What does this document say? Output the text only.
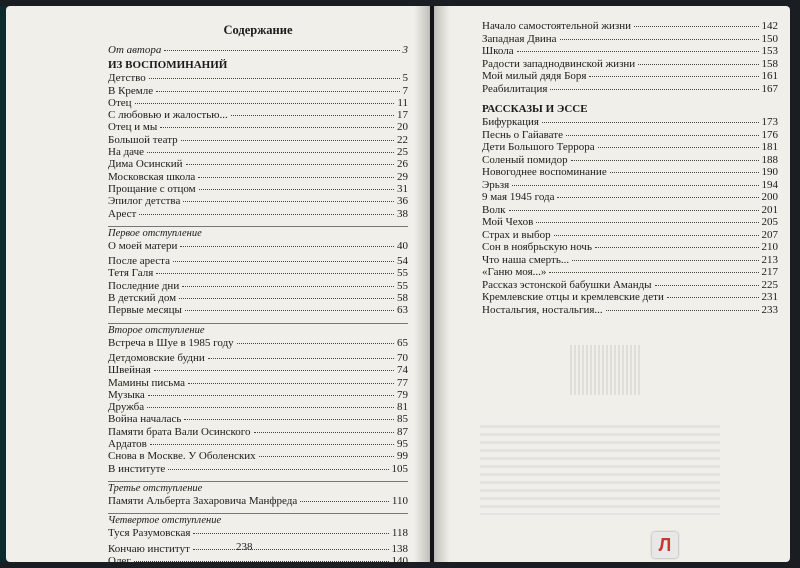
Содержание
От автора	3
ИЗ ВОСПОМИНАНИЙ
Детство	5
В Кремле	7
Отец	11
С любовью и жалостью...	17
Отец и мы	20
Большой театр	22
На даче	25
Дима Осинский	26
Московская школа	29
Прощание с отцом	31
Эпилог детства	36
Арест	38
Первое отступление
О моей матери	40
После ареста	54
Тетя Галя	55
Последние дни	55
В детский дом	58
Первые месяцы	63
Второе отступление
Встреча в Шуе в 1985 году	65
Детдомовские будни	70
Швейная	74
Мамины письма	77
Музыка	79
Дружба	81
Война началась	85
Памяти брата Вали Осинского	87
Ардатов	95
Снова в Москве. У Оболенских	99
В институте	105
Третье отступление
Памяти Альберта Захаровича Манфреда	110
Четвертое отступление
Туся Разумовская	118
Кончаю институт	138
Олег	140
238
Начало самостоятельной жизни	142
Западная Двина	150
Школа	153
Радости западнодвинской жизни	158
Мой милый дядя Боря	161
Реабилитация	167
РАССКАЗЫ И ЭССЕ
Бифуркация	173
Песнь о Гайавате	176
Дети Большого Террора	181
Соленый помидор	188
Новогоднее воспоминание	190
Эрьзя	194
9 мая 1945 года	200
Волк	201
Мой Чехов	205
Страх и выбор	207
Сон в ноябрьскую ночь	210
Что наша смерть...	213
«Ганю моя...»	217
Рассказ эстонской бабушки Аманды	225
Кремлевские отцы и кремлевские дети	231
Ностальгия, ностальгия...	233
Л
